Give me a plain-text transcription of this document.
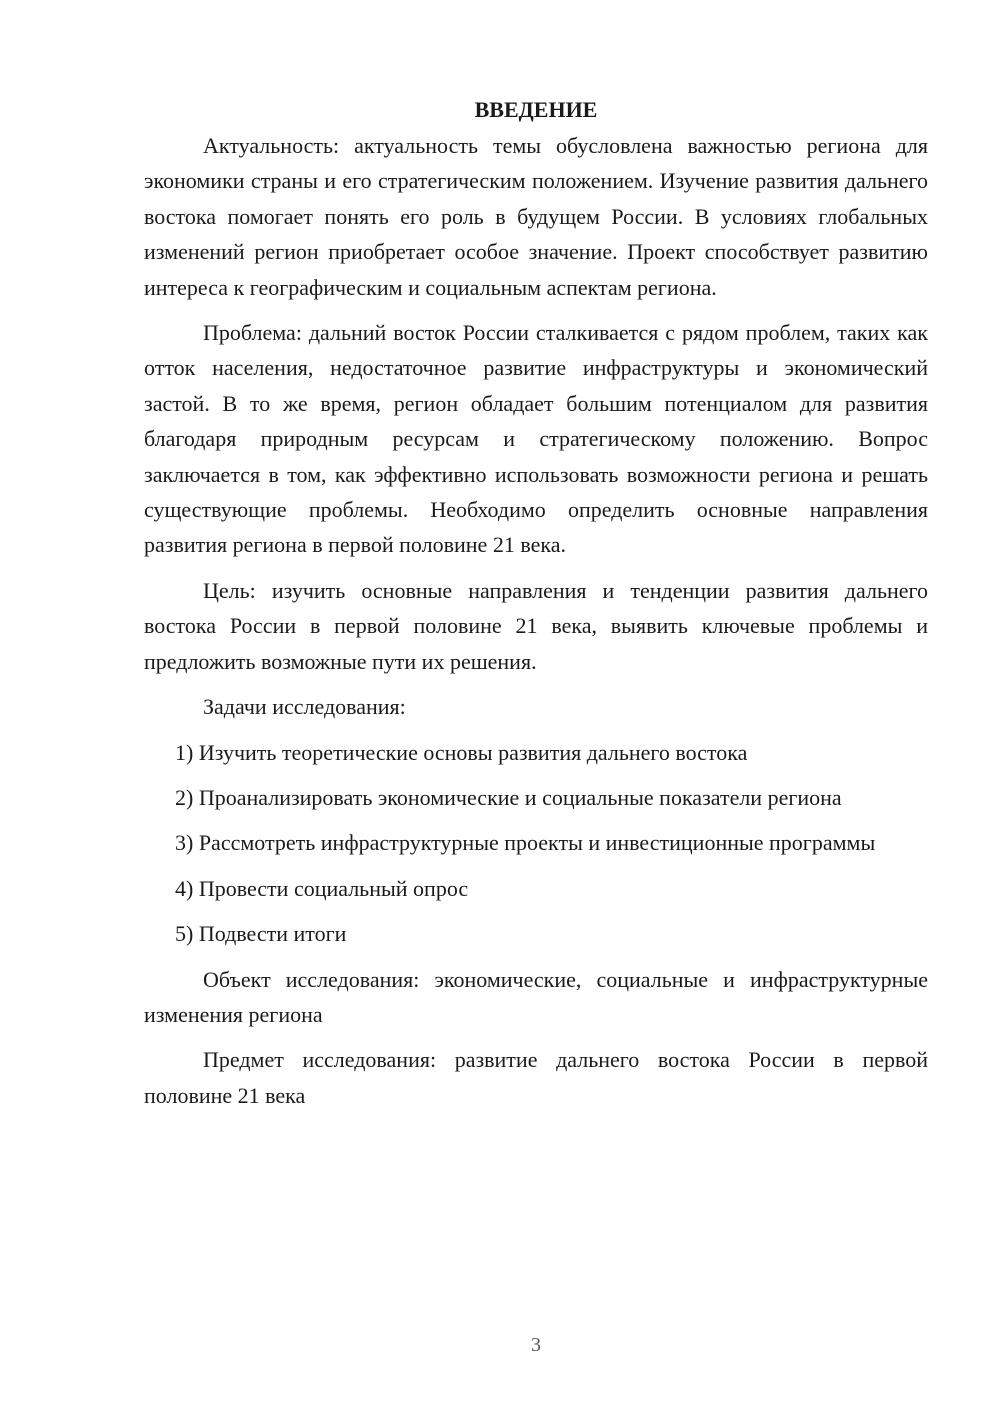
ВВЕДЕНИЕ

Актуальность: актуальность темы обусловлена важностью региона для экономики страны и его стратегическим положением. Изучение развития дальнего востока помогает понять его роль в будущем России. В условиях глобальных изменений регион приобретает особое значение. Проект способствует развитию интереса к географическим и социальным аспектам региона.

Проблема: дальний восток России сталкивается с рядом проблем, таких как отток населения, недостаточное развитие инфраструктуры и экономический застой. В то же время, регион обладает большим потенциалом для развития благодаря природным ресурсам и стратегическому положению. Вопрос заключается в том, как эффективно использовать возможности региона и решать существующие проблемы. Необходимо определить основные направления развития региона в первой половине 21 века.

Цель: изучить основные направления и тенденции развития дальнего востока России в первой половине 21 века, выявить ключевые проблемы и предложить возможные пути их решения.

Задачи исследования:

1) Изучить теоретические основы развития дальнего востока

2) Проанализировать экономические и социальные показатели региона

3) Рассмотреть инфраструктурные проекты и инвестиционные программы

4) Провести социальный опрос

5) Подвести итоги

Объект исследования: экономические, социальные и инфраструктурные изменения региона

Предмет исследования: развитие дальнего востока России в первой половине 21 века

3
